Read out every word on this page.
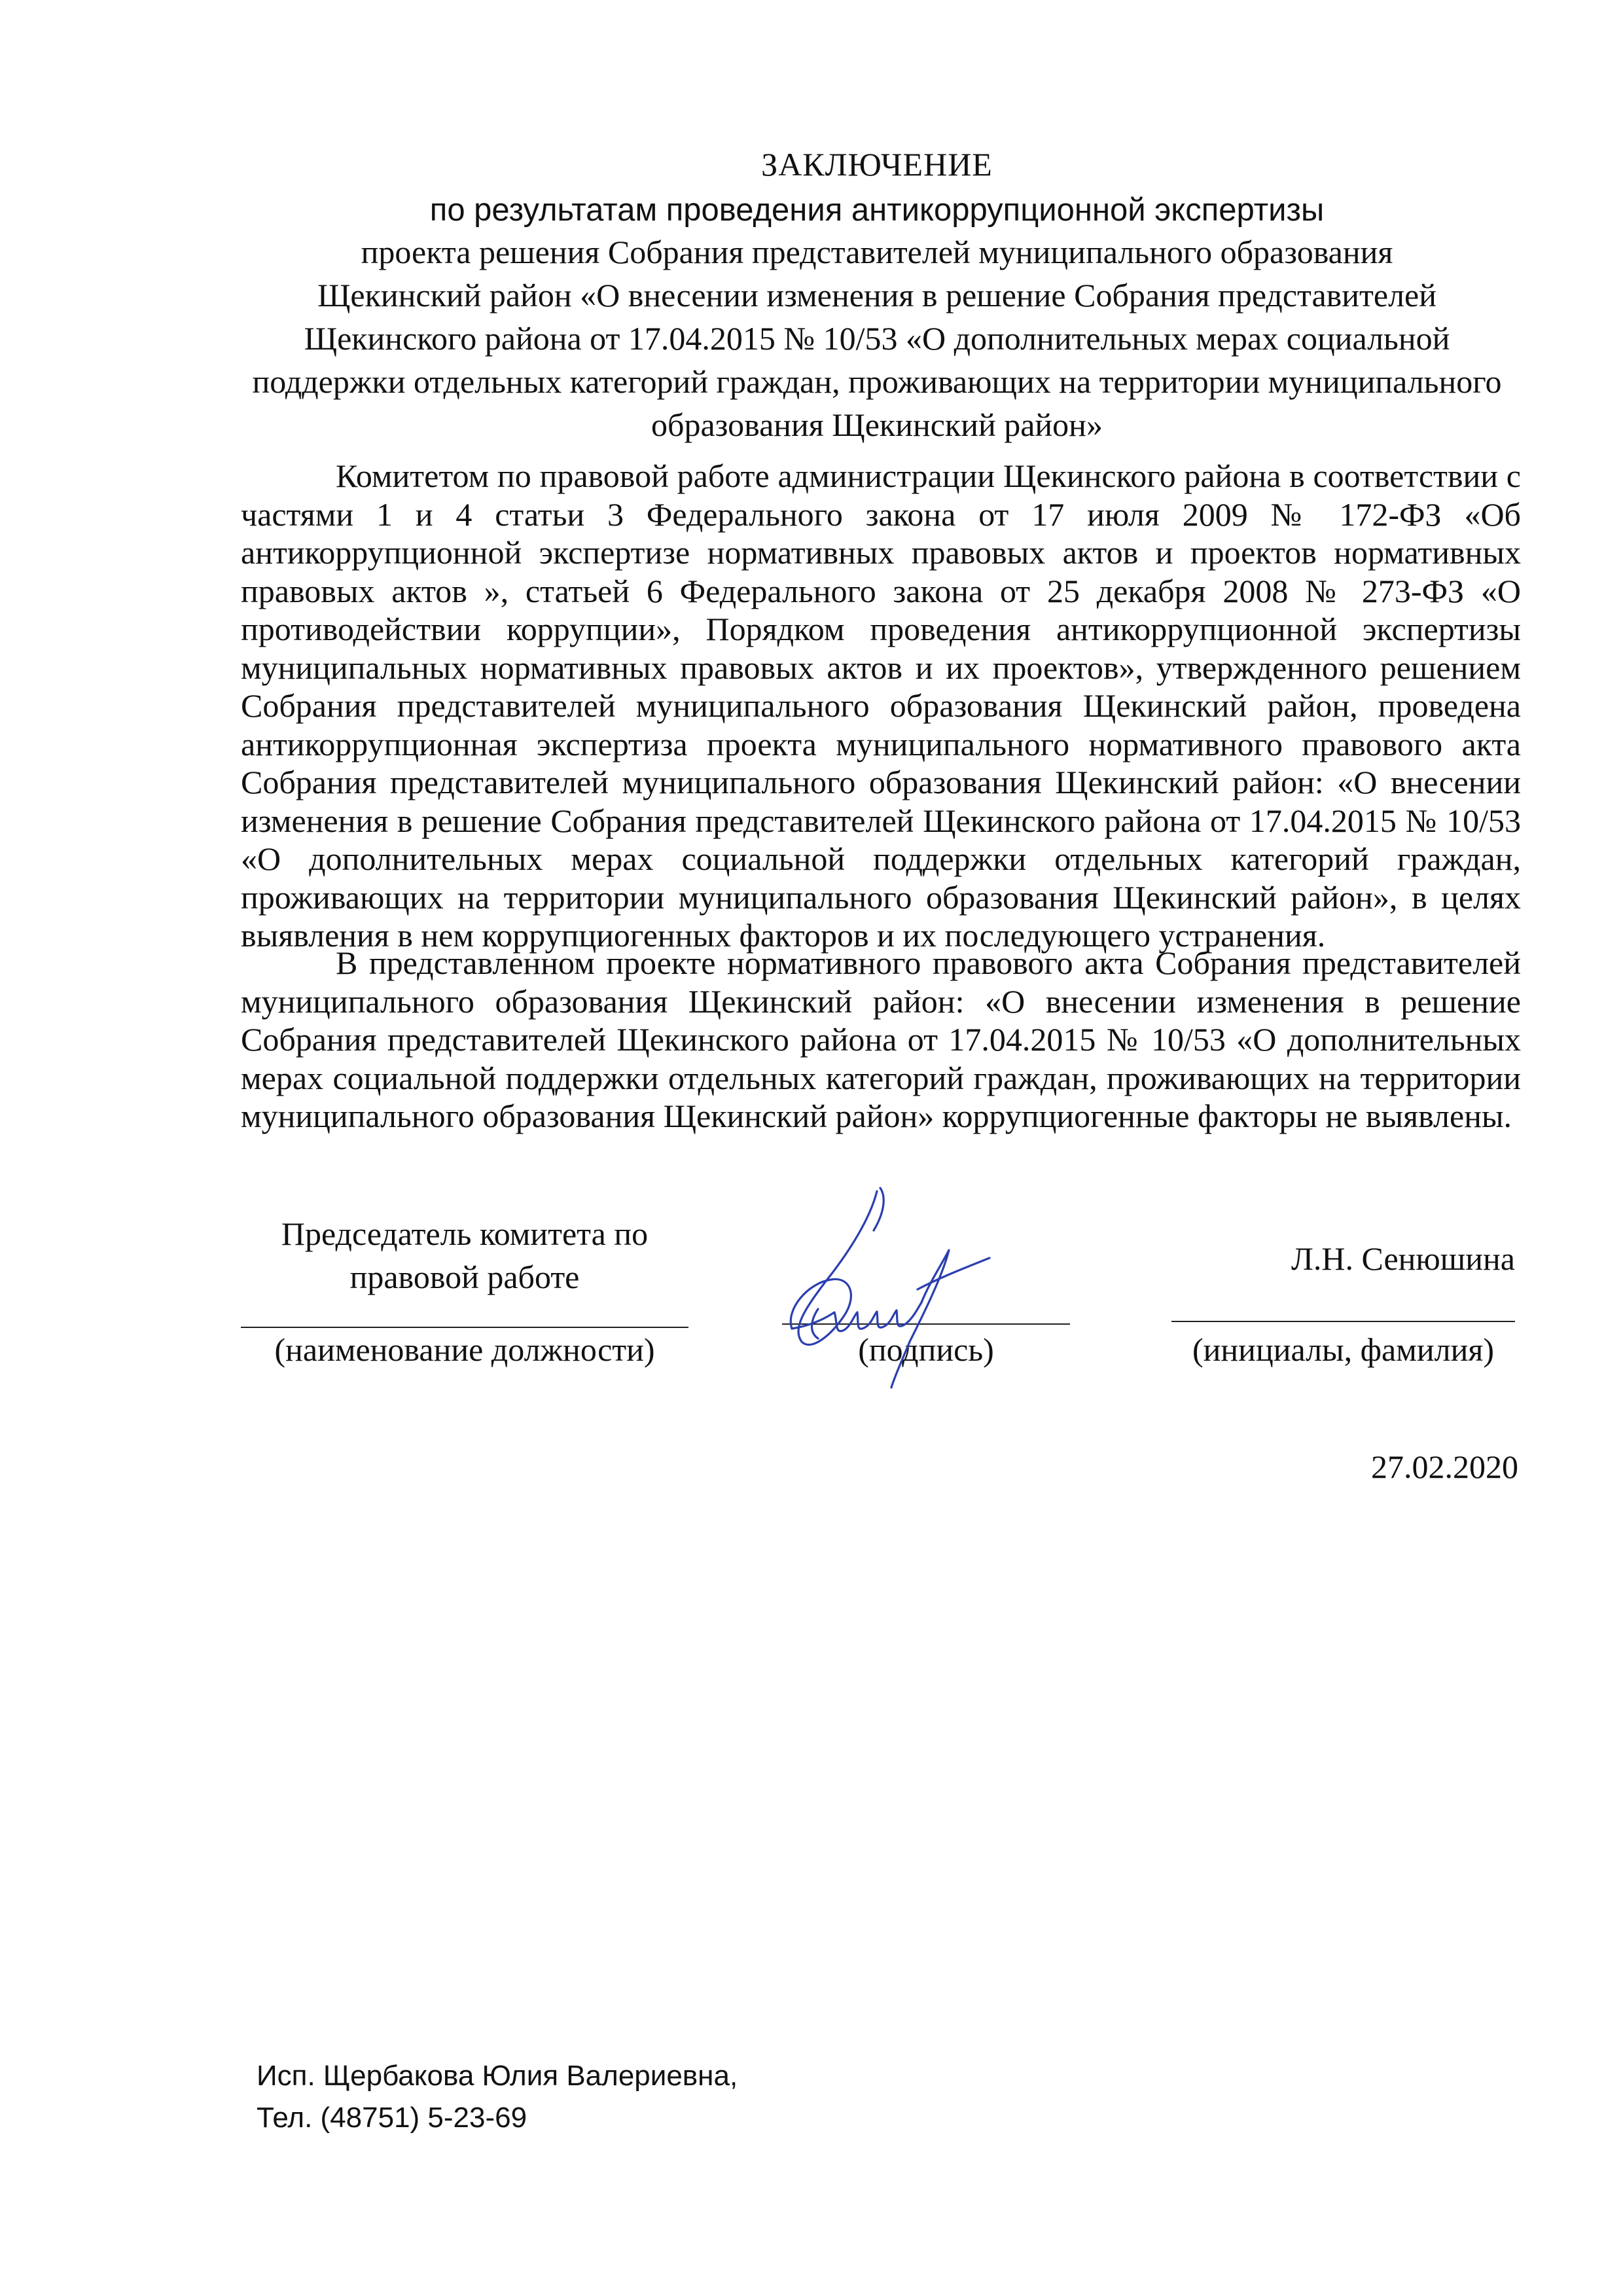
ЗАКЛЮЧЕНИЕ
по результатам проведения антикоррупционной экспертизы
проекта решения Собрания представителей муниципального образования
Щекинский район «О внесении изменения в решение Собрания представителей
Щекинского района от 17.04.2015 № 10/53 «О дополнительных мерах социальной
поддержки отдельных категорий граждан, проживающих на территории муниципального
образования Щекинский район»

Комитетом по правовой работе администрации Щекинского района в соответствии с частями 1 и 4 статьи 3 Федерального закона от 17 июля 2009 № 172-ФЗ «Об антикоррупционной экспертизе нормативных правовых актов и проектов нормативных правовых актов », статьей 6 Федерального закона от 25 декабря 2008 № 273-ФЗ «О противодействии коррупции», Порядком проведения антикоррупционной экспертизы муниципальных нормативных правовых актов и их проектов», утвержденного решением Собрания представителей муниципального образования Щекинский район, проведена антикоррупционная экспертиза проекта муниципального нормативного правового акта Собрания представителей муниципального образования Щекинский район: «О внесении изменения в решение Собрания представителей Щекинского района от 17.04.2015 № 10/53 «О дополнительных мерах социальной поддержки отдельных категорий граждан, проживающих на территории муниципального образования Щекинский район», в целях выявления в нем коррупциогенных факторов и их последующего устранения.

В представленном проекте нормативного правового акта Собрания представителей муниципального образования Щекинский район: «О внесении изменения в решение Собрания представителей Щекинского района от 17.04.2015 № 10/53 «О дополнительных мерах социальной поддержки отдельных категорий граждан, проживающих на территории муниципального образования Щекинский район» коррупциогенные факторы не выявлены.

Председатель комитета по
правовой работе	Л.Н. Сенюшина
(наименование должности)	(подпись)	(инициалы, фамилия)
27.02.2020
Исп. Щербакова Юлия Валериевна,
Тел. (48751) 5-23-69
